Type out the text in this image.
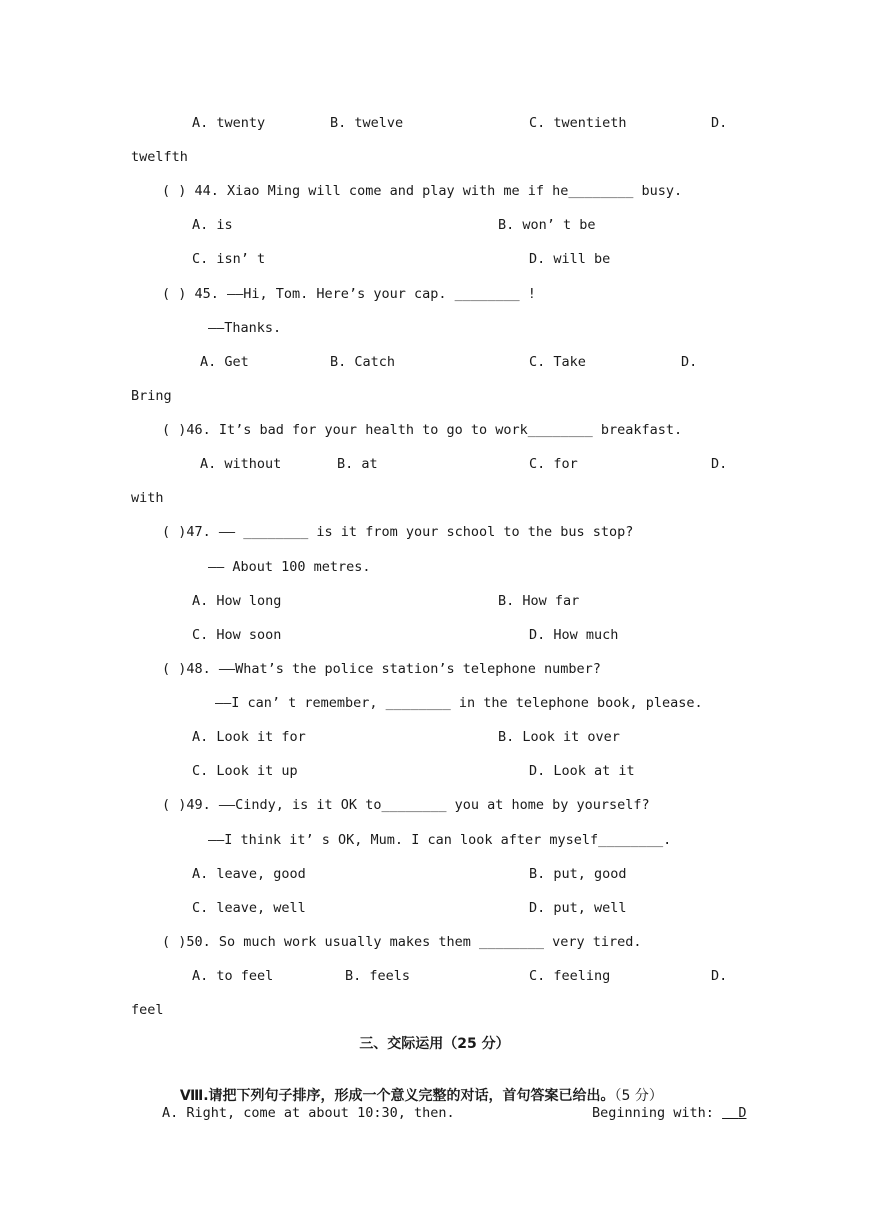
A. twenty	B. twelve	C. twentieth	D.
twelfth
( ) 44. Xiao Ming will come and play with me if he________ busy.
A. is	B. won’ t be
C. isn’ t	D. will be
( ) 45. ——Hi, Tom. Here’s your cap. ________ !
——Thanks.
A. Get	B. Catch	C. Take	D.
Bring
( )46. It’s bad for your health to go to work________ breakfast.
A. without	B. at	C. for	D.
with
( )47. —— ________ is it from your school to the bus stop?
—— About 100 metres.
A. How long	B. How far
C. How soon	D. How much
( )48. ——What’s the police station’s telephone number?
——I can’ t remember, ________ in the telephone book, please.
A. Look it for	B. Look it over
C. Look it up	D. Look at it
( )49. ——Cindy, is it OK to________ you at home by yourself?
——I think it’ s OK, Mum. I can look after myself________.
A. leave, good	B. put, good
C. leave, well	D. put, well
( )50. So much work usually makes them ________ very tired.
A. to feel	B. feels	C. feeling	D.
feel
三、交际运用（25 分）

Ⅷ.请把下列句子排序，形成一个意义完整的对话，首句答案已给出。（5 分）

A. Right, come at about 10:30, then.	Beginning with: D
